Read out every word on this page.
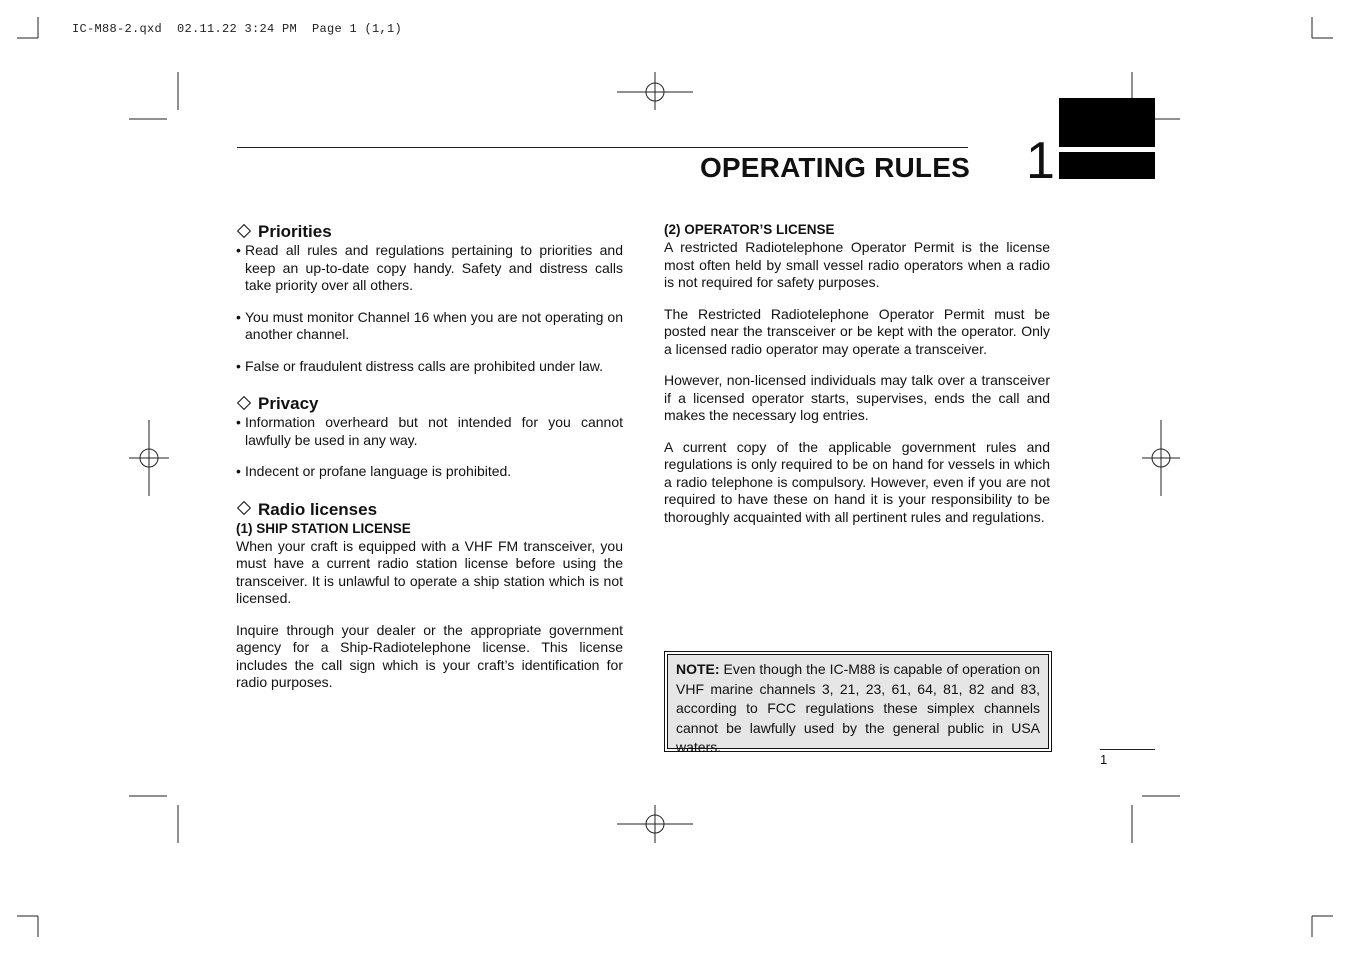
IC-M88-2.qxd  02.11.22 3:24 PM  Page 1 (1,1)
OPERATING RULES 1
Priorities
• Read all rules and regulations pertaining to priorities and keep an up-to-date copy handy. Safety and distress calls take priority over all others.
• You must monitor Channel 16 when you are not operating on another channel.
• False or fraudulent distress calls are prohibited under law.
Privacy
• Information overheard but not intended for you cannot lawfully be used in any way.
• Indecent or profane language is prohibited.
Radio licenses
(1) SHIP STATION LICENSE

When your craft is equipped with a VHF FM transceiver, you must have a current radio station license before using the transceiver. It is unlawful to operate a ship station which is not licensed.

Inquire through your dealer or the appropriate government agency for a Ship-Radiotelephone license. This license includes the call sign which is your craft’s identification for radio purposes.

(2) OPERATOR’S LICENSE

A restricted Radiotelephone Operator Permit is the license most often held by small vessel radio operators when a radio is not required for safety purposes.

The Restricted Radiotelephone Operator Permit must be posted near the transceiver or be kept with the operator. Only a licensed radio operator may operate a transceiver.

However, non-licensed individuals may talk over a transceiver if a licensed operator starts, supervises, ends the call and makes the necessary log entries.

A current copy of the applicable government rules and regulations is only required to be on hand for vessels in which a radio telephone is compulsory. However, even if you are not required to have these on hand it is your responsibility to be thoroughly acquainted with all pertinent rules and regulations.

NOTE: Even though the IC-M88 is capable of operation on VHF marine channels 3, 21, 23, 61, 64, 81, 82 and 83, according to FCC regulations these simplex channels cannot be lawfully used by the general public in USA waters.
1
